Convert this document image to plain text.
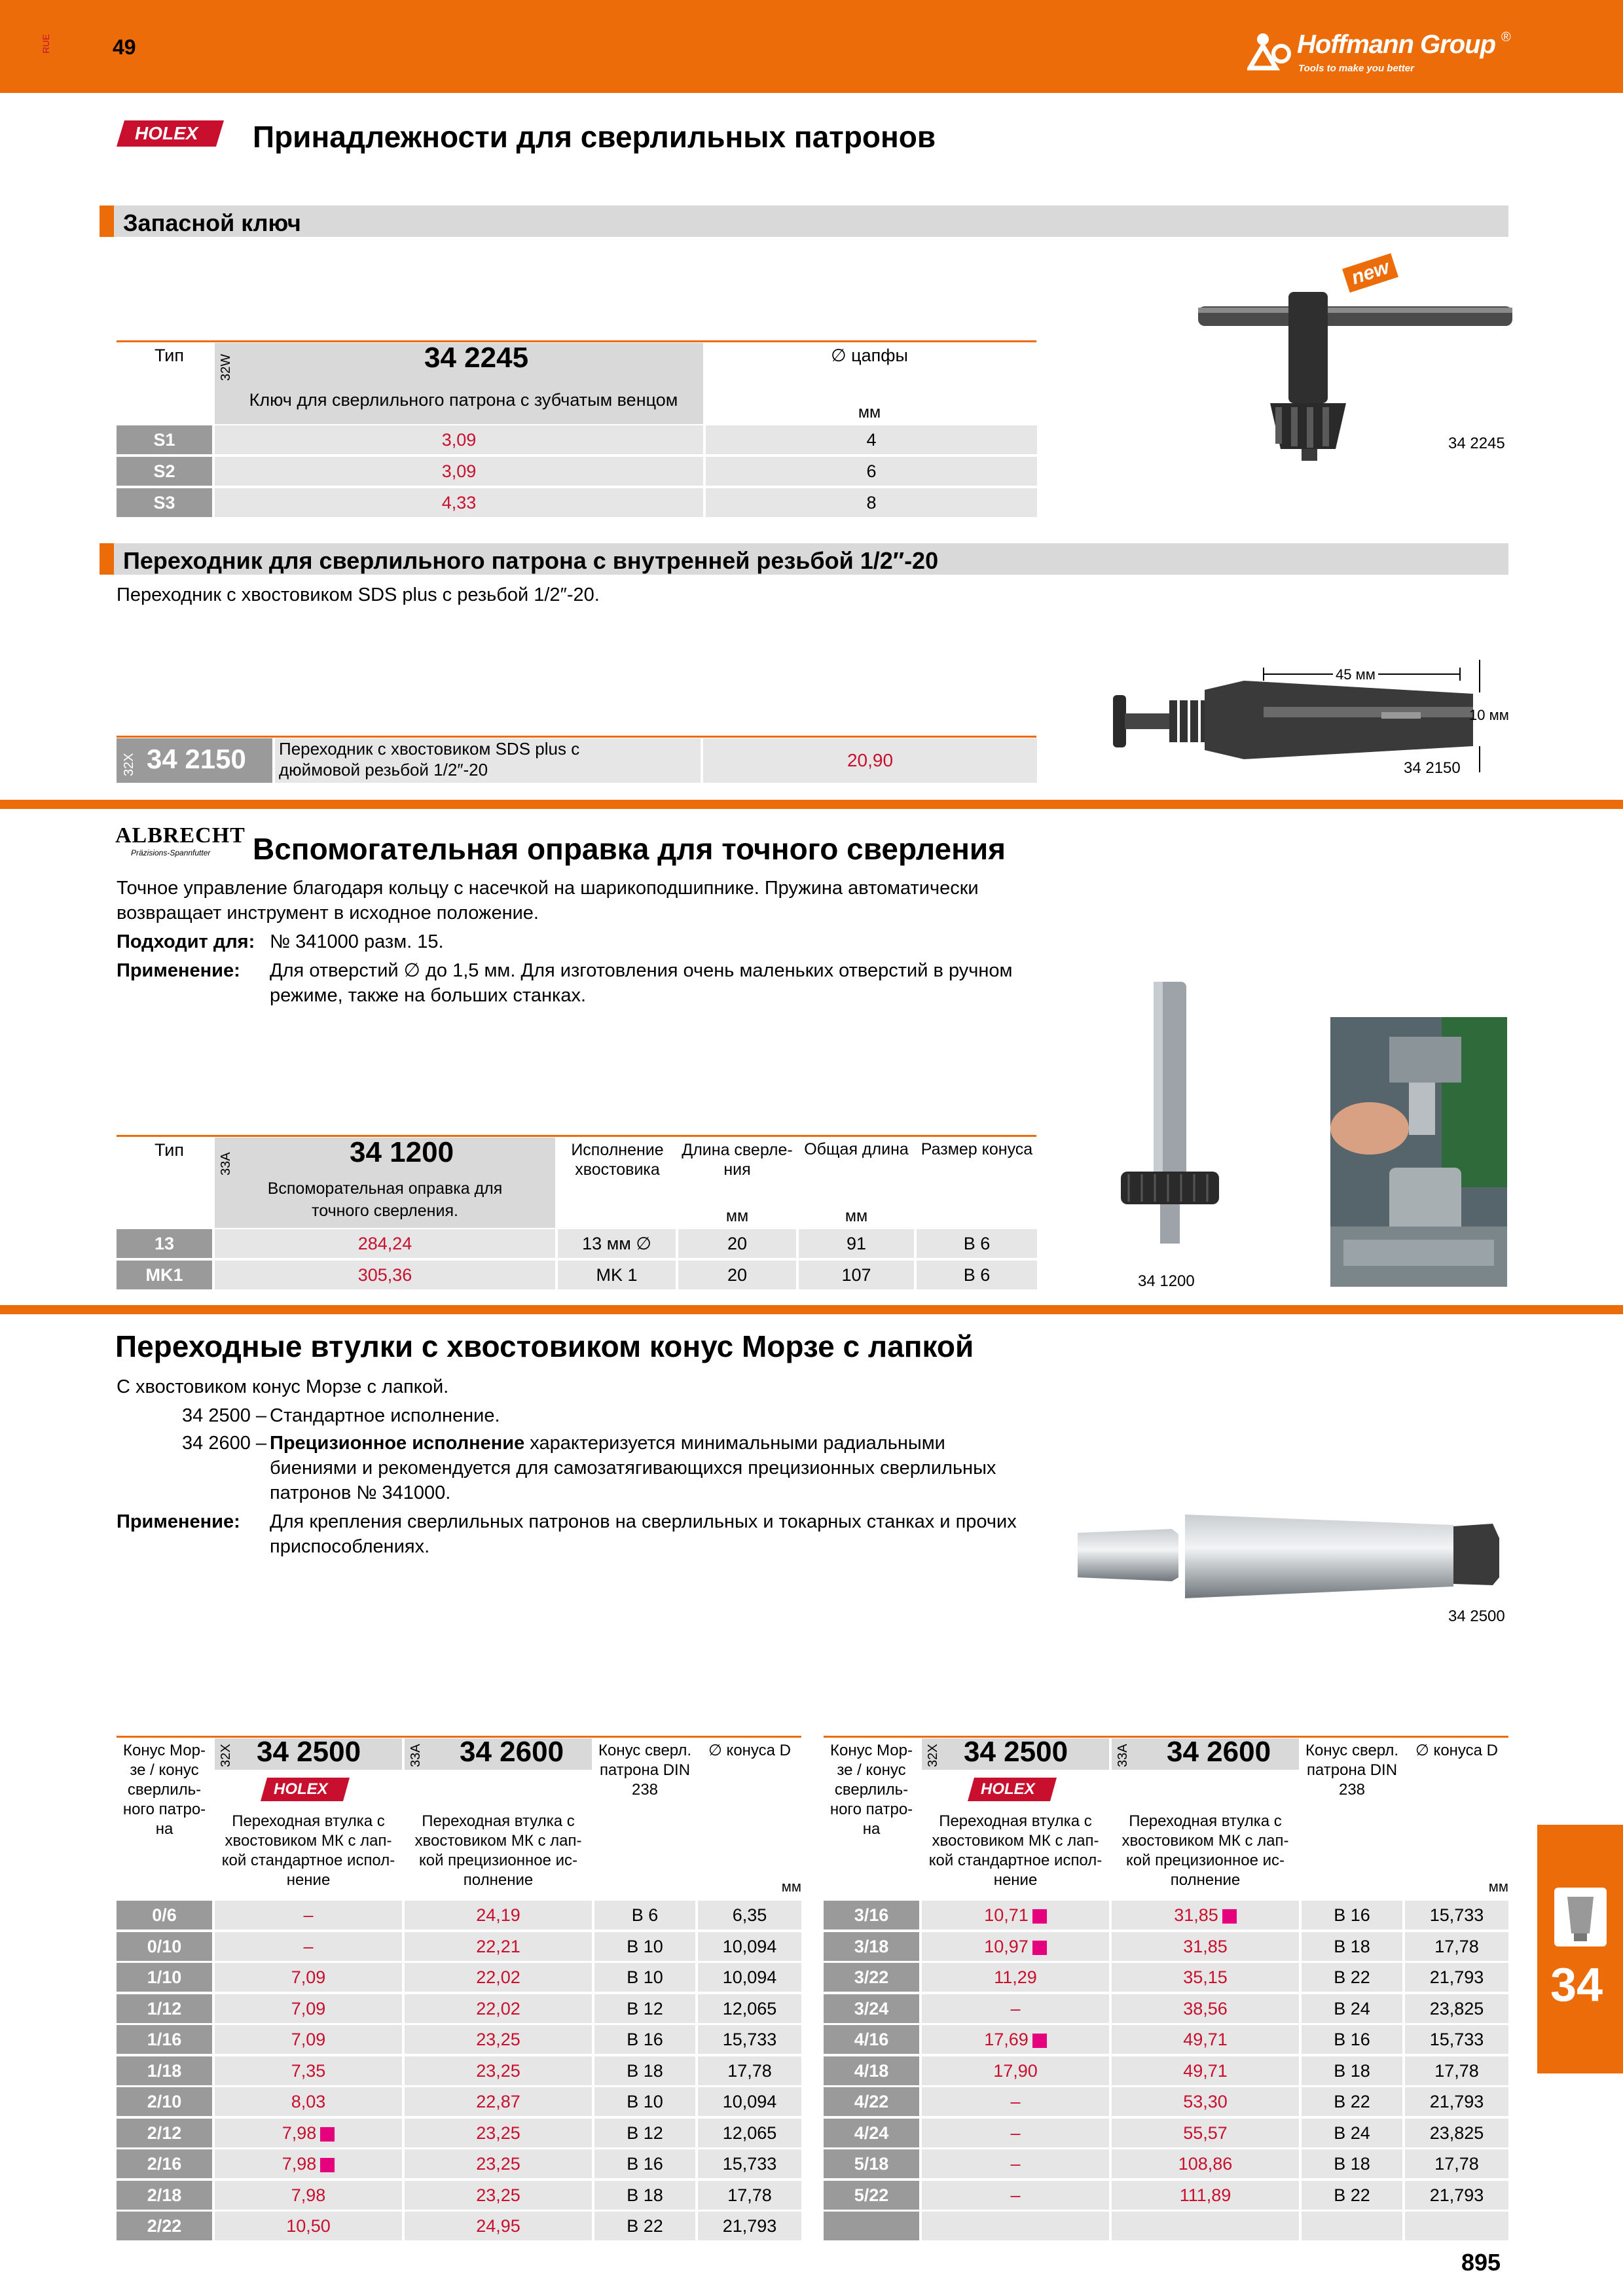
RUE	49	Hoffmann Group ®
Tools to make you better
HOLEX Принадлежности для сверлильных патронов
Запасной ключ
Тип	32W	34 2245
Ключ для сверлильного патрона с зубчатым венцом
∅ цапфы
мм
S1	3,09	4
S2	3,09	6
S3	4,33	8
new
34 2245
Переходник для сверлильного патрона с внутренней резьбой 1/2″-20
Переходник с хвостовиком SDS plus с резьбой 1/2″-20.
32X 34 2150 Переходник с хвостовиком SDS plus с
дюймовой резьбой 1/2″-20	20,90
45 мм
10 мм
34 2150
ALBRECHT
Präzisions-Spannfutter Вспомогательная оправка для точного сверления
Точное управление благодаря кольцу с насечкой на шарикоподшипнике. Пружина автоматически
возвращает инструмент в исходное положение.
Подходит для: № 341000 разм. 15.
Применение: Для отверстий ∅ до 1,5 мм. Для изготовления очень маленьких отверстий в ручном
режиме, также на больших станках.
Тип
33A	34 1200
Вспоморательная оправка для
точного сверления.
Исполнение
хвостовика
Длина сверле-
ния
Общая длина Размер конуса
мм	мм
13	284,24	13 мм ∅	20	91	B 6
MK1	305,36	MK 1	20	107	B 6	34 1200
Переходные втулки с хвостовиком конус Морзе с лапкой
С хвостовиком конус Морзе с лапкой.
34 2500 – Стандартное исполнение.
34 2600 – Прецизионное исполнение характеризуется минимальными радиальными
биениями и рекомендуется для самозатягивающихся прецизионных сверлильных
патронов № 341000.
Применение: Для крепления сверлильных патронов на сверлильных и токарных станках и прочих
приспособлениях.
34 2500
Конус Мор-
зе / конус
сверлиль-
ного патро-
на
32X 34 2500	33A 34 2600
HOLEX
Переходная втулка с
хвостовиком МК с лап-
кой стандартное испол-
нение
Переходная втулка с
хвостовиком МК с лап-
кой прецизионное ис-
полнение
Конус сверл.
патрона DIN
238
∅ конуса D
мм
Конус Мор-
зе / конус
сверлиль-
ного патро-
на
32X 34 2500	33A 34 2600
HOLEX
Переходная втулка с
хвостовиком МК с лап-
кой стандартное испол-
нение
Переходная втулка с
хвостовиком МК с лап-
кой прецизионное ис-
полнение
Конус сверл.
патрона DIN
238
∅ конуса D
мм
0/6	–	24,19	B 6	6,35
0/10	–	22,21	B 10	10,094
1/10	7,09	22,02	B 10	10,094
1/12	7,09	22,02	B 12	12,065
1/16	7,09	23,25	B 16	15,733
1/18	7,35	23,25	B 18	17,78
2/10	8,03	22,87	B 10	10,094
2/12	7,98	23,25	B 12	12,065
2/16	7,98	23,25	B 16	15,733
2/18	7,98	23,25	B 18	17,78
2/22	10,50	24,95	B 22	21,793
3/16	10,71	31,85	B 16	15,733
3/18	10,97	31,85	B 18	17,78
3/22	11,29	35,15	B 22	21,793
3/24	–	38,56	B 24	23,825
4/16	17,69	49,71	B 16	15,733
4/18	17,90	49,71	B 18	17,78
4/22	–	53,30	B 22	21,793
4/24	–	55,57	B 24	23,825
5/18	–	108,86	B 18	17,78
5/22	–	111,89	B 22	21,793
34
895
